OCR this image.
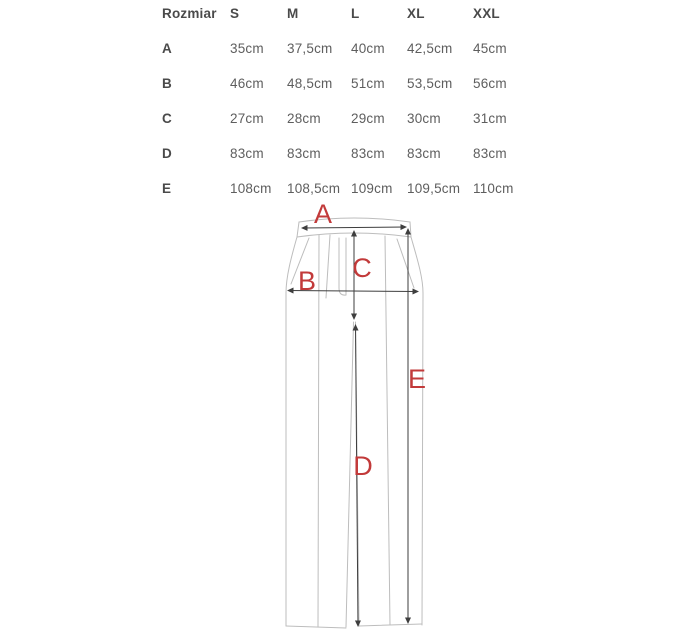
Rozmiar S	M	L	XL	XXL
A	35cm	37,5cm	40cm	42,5cm	45cm
B	46cm	48,5cm	51cm	53,5cm	56cm
C	27cm	28cm	29cm	30cm	31cm
D	83cm	83cm	83cm	83cm	83cm
E	108cm	108,5cm 109cm	109,5cm 110cm
A
B C
D
E
